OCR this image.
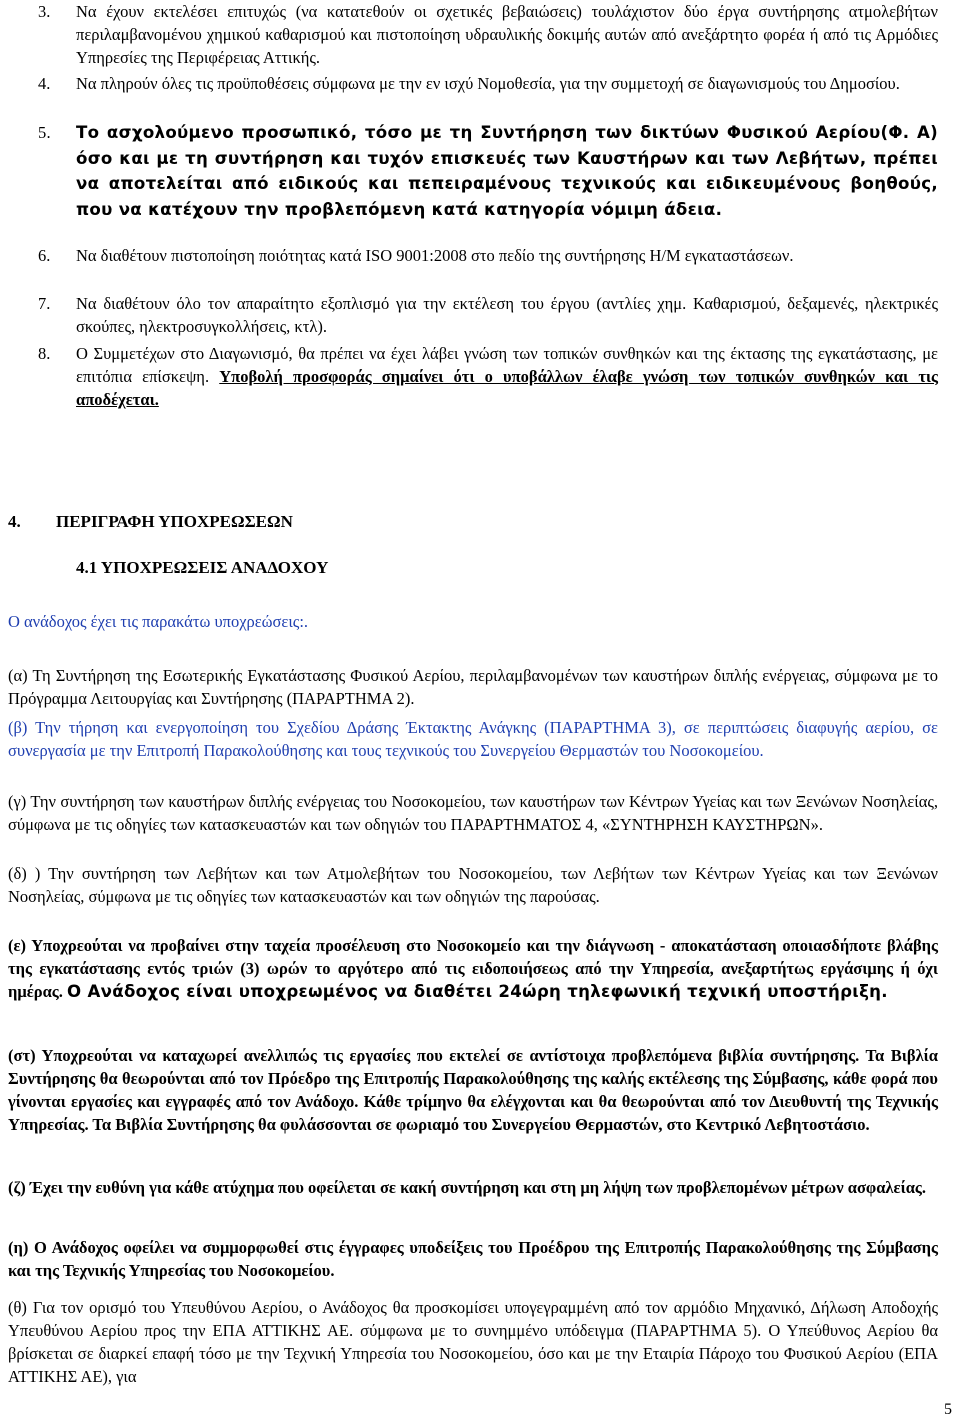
3.	Να έχουν εκτελέσει επιτυχώς (να κατατεθούν οι σχετικές βεβαιώσεις) τουλάχιστον δύο έργα συντήρησης ατμολεβήτων περιλαμβανομένου χημικού καθαρισμού και πιστοποίηση υδραυλικής δοκιμής αυτών από ανεξάρτητο φορέα ή από τις Αρμόδιες Υπηρεσίες της Περιφέρειας Αττικής.
4.	Να πληρούν όλες τις προϋποθέσεις σύμφωνα με την εν ισχύ Νομοθεσία, για την συμμετοχή σε διαγωνισμούς του Δημοσίου.
5.	Το ασχολούμενο προσωπικό, τόσο με τη Συντήρηση των δικτύων Φυσικού Αερίου(Φ. Α) όσο και με τη συντήρηση και τυχόν επισκευές των Καυστήρων και των Λεβήτων, πρέπει να αποτελείται από ειδικούς και πεπειραμένους τεχνικούς και ειδικευμένους βοηθούς, που να κατέχουν την προβλεπόμενη κατά κατηγορία νόμιμη άδεια.
6.	Να διαθέτουν πιστοποίηση ποιότητας κατά ISO 9001:2008 στο πεδίο της συντήρησης Η/Μ εγκαταστάσεων.
7.	Να διαθέτουν όλο τον απαραίτητο εξοπλισμό για την εκτέλεση του έργου (αντλίες χημ. Καθαρισμού, δεξαμενές, ηλεκτρικές σκούπες, ηλεκτροσυγκολλήσεις, κτλ).
8.	Ο Συμμετέχων στο Διαγωνισμό, θα πρέπει να έχει λάβει γνώση των τοπικών συνθηκών και της έκτασης της εγκατάστασης, με επιτόπια επίσκεψη. Υποβολή προσφοράς σημαίνει ότι ο υποβάλλων έλαβε γνώση των τοπικών συνθηκών και τις αποδέχεται.
4. ΠΕΡΙΓΡΑΦΗ ΥΠΟΧΡΕΩΣΕΩΝ
4.1 ΥΠΟΧΡΕΩΣΕΙΣ ΑΝΑΔΟΧΟΥ
Ο ανάδοχος έχει τις παρακάτω υποχρεώσεις:.
(α) Τη Συντήρηση της Εσωτερικής Εγκατάστασης Φυσικού Αερίου, περιλαμβανομένων των καυστήρων διπλής ενέργειας, σύμφωνα με το Πρόγραμμα Λειτουργίας και Συντήρησης (ΠΑΡΑΡΤΗΜΑ 2).
(β) Την τήρηση και ενεργοποίηση του Σχεδίου Δράσης Έκτακτης Ανάγκης (ΠΑΡΑΡΤΗΜΑ 3), σε περιπτώσεις διαφυγής αερίου, σε συνεργασία με την Επιτροπή Παρακολούθησης και τους τεχνικούς του Συνεργείου Θερμαστών του Νοσοκομείου.
(γ) Την συντήρηση των καυστήρων διπλής ενέργειας του Νοσοκομείου, των καυστήρων των Κέντρων Υγείας και των Ξενώνων Νοσηλείας, σύμφωνα με τις οδηγίες των κατασκευαστών και των οδηγιών του ΠΑΡΑΡΤΗΜΑΤΟΣ 4, «ΣΥΝΤΗΡΗΣΗ ΚΑΥΣΤΗΡΩΝ».
(δ) ) Την συντήρηση των Λεβήτων και των Ατμολεβήτων του Νοσοκομείου, των Λεβήτων των Κέντρων Υγείας και των Ξενώνων Νοσηλείας, σύμφωνα με τις οδηγίες των κατασκευαστών και των οδηγιών της παρούσας.
(ε) Υποχρεούται να προβαίνει στην ταχεία προσέλευση στο Νοσοκομείο και την διάγνωση - αποκατάσταση οποιασδήποτε βλάβης της εγκατάστασης εντός τριών (3) ωρών το αργότερο από τις ειδοποιήσεως από την Υπηρεσία, ανεξαρτήτως εργάσιμης ή όχι ημέρας. Ο Ανάδοχος είναι υποχρεωμένος να διαθέτει 24ώρη τηλεφωνική τεχνική υποστήριξη.
(στ) Υποχρεούται να καταχωρεί ανελλιπώς τις εργασίες που εκτελεί σε αντίστοιχα προβλεπόμενα βιβλία συντήρησης. Τα Βιβλία Συντήρησης θα θεωρούνται από τον Πρόεδρο της Επιτροπής Παρακολούθησης της καλής εκτέλεσης της Σύμβασης, κάθε φορά που γίνονται εργασίες και εγγραφές από τον Ανάδοχο. Κάθε τρίμηνο θα ελέγχονται και θα θεωρούνται από τον Διευθυντή της Τεχνικής Υπηρεσίας. Τα Βιβλία Συντήρησης θα φυλάσσονται σε φωριαμό του Συνεργείου Θερμαστών, στο Κεντρικό Λεβητοστάσιο.
(ζ) Έχει την ευθύνη για κάθε ατύχημα που οφείλεται σε κακή συντήρηση και στη μη λήψη των προβλεπομένων μέτρων ασφαλείας.
(η) Ο Ανάδοχος οφείλει να συμμορφωθεί στις έγγραφες υποδείξεις του Προέδρου της Επιτροπής Παρακολούθησης της Σύμβασης και της Τεχνικής Υπηρεσίας του Νοσοκομείου.
(θ) Για τον ορισμό του Υπευθύνου Αερίου, ο Ανάδοχος θα προσκομίσει υπογεγραμμένη από τον αρμόδιο Μηχανικό, Δήλωση Αποδοχής Υπευθύνου Αερίου προς την ΕΠΑ ΑΤΤΙΚΗΣ ΑΕ. σύμφωνα με το συνημμένο υπόδειγμα (ΠΑΡΑΡΤΗΜΑ 5). Ο Υπεύθυνος Αερίου θα βρίσκεται σε διαρκεί επαφή τόσο με την Τεχνική Υπηρεσία του Νοσοκομείου, όσο και με την Εταιρία Πάροχο του Φυσικού Αερίου (ΕΠΑ ΑΤΤΙΚΗΣ ΑΕ), για
5
